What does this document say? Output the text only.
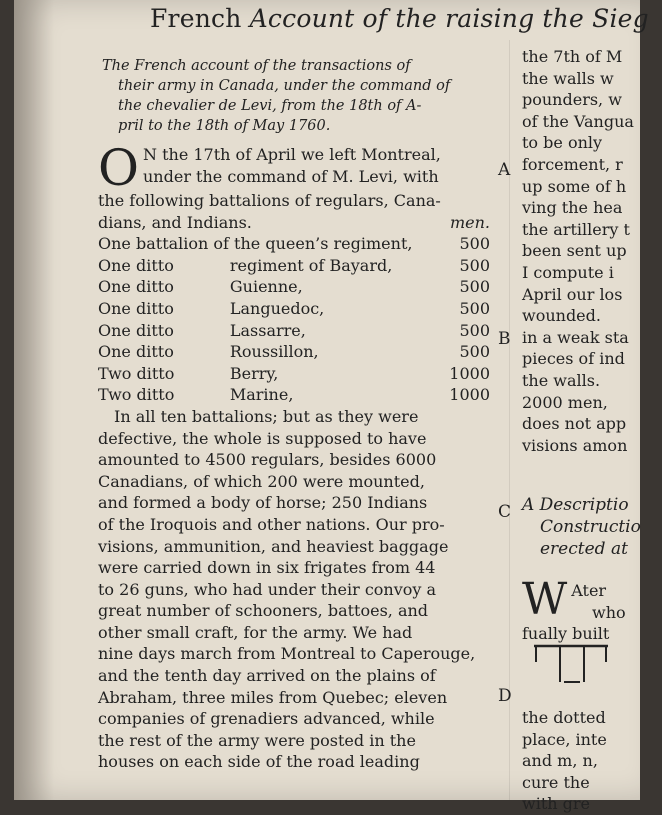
French Account of the raising the Sieg
The French account of the transactions of
their army in Canada, under the command of
the chevalier de Levi, from the 18th of A-
pril to the 18th of May 1760.
O N the 17th of April we left Montreal,
under the command of M. Levi, with
the following battalions of regulars, Cana-
dians, and Indians.	men.
One battalion of the queen’s regiment,		500
One ditto	regiment of Bayard,	500
One ditto	Guienne,	500
One ditto	Languedoc,	500
One ditto	Lassarre,	500
One ditto	Roussillon,	500
Two ditto	Berry,	1000
Two ditto	Marine,	1000
In all ten battalions; but as they were
defective, the whole is supposed to have
amounted to 4500 regulars, besides 6000
Canadians, of which 200 were mounted,
and formed a body of horse; 250 Indians
of the Iroquois and other nations. Our pro-
visions, ammunition, and heaviest baggage
were carried down in six frigates from 44
to 26 guns, who had under their convoy a
great number of schooners, battoes, and
other small craft, for the army. We had
nine days march from Montreal to Caperouge,
and the tenth day arrived on the plains of
Abraham, three miles from Quebec; eleven
companies of grenadiers advanced, while
the rest of the army were posted in the
houses on each side of the road leading
A
B
C
D
the 7th of M
the walls w
pounders, w
of the Vangua
to be only
forcement, r
up some of h
ving the hea
the artillery t
been sent up
I compute i
April our los
wounded.
in a weak sta
pieces of ind
the walls.
2000 men,
does not app
visions amon
A Descriptio
Constructio
erected at
W Ater
who
fually built
the dotted
place, inte
and m, n,
cure the
with gre
